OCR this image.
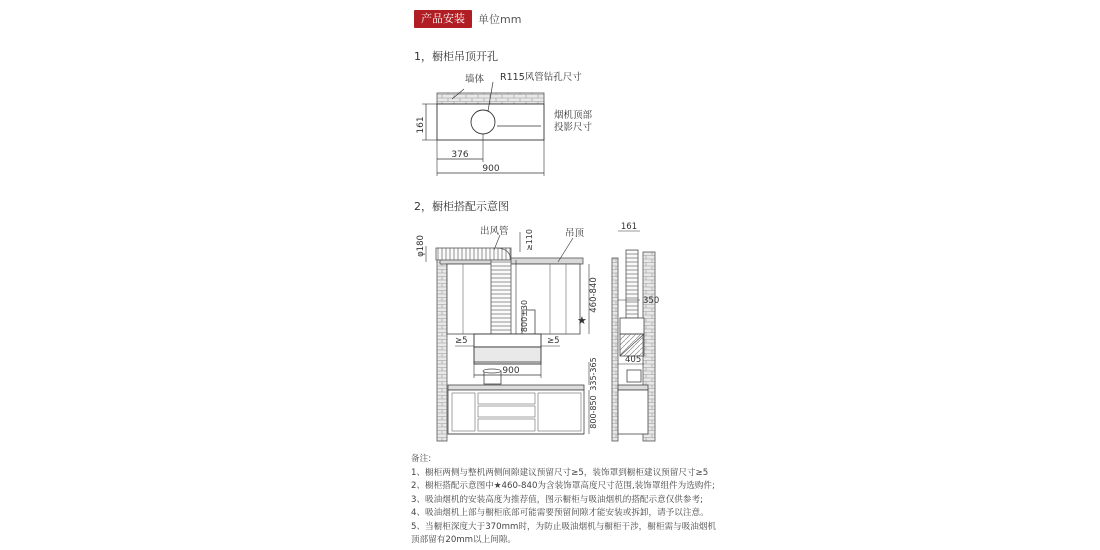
产品安装	单位mm
1，橱柜吊顶开孔
2，橱柜搭配示意图
墙体 R115风管钻孔尺寸
烟机顶部
投影尺寸
161
376
900
出风管	吊顶
φ180	≥110
800±30	★
460-840
≥5	≥5
900	335-365
800-850
161
350
405
备注:
1、橱柜两侧与整机两侧间隙建议预留尺寸≥5，装饰罩到橱柜建议预留尺寸≥5
2、橱柜搭配示意图中★460-840为含装饰罩高度尺寸范围,装饰罩组件为选购件;
3、吸油烟机的安装高度为推荐值，图示橱柜与吸油烟机的搭配示意仅供参考;
4、吸油烟机上部与橱柜底部可能需要预留间隙才能安装或拆卸，请予以注意。
5、当橱柜深度大于370mm时，为防止吸油烟机与橱柜干涉，橱柜需与吸油烟机
顶部留有20mm以上间隙。
